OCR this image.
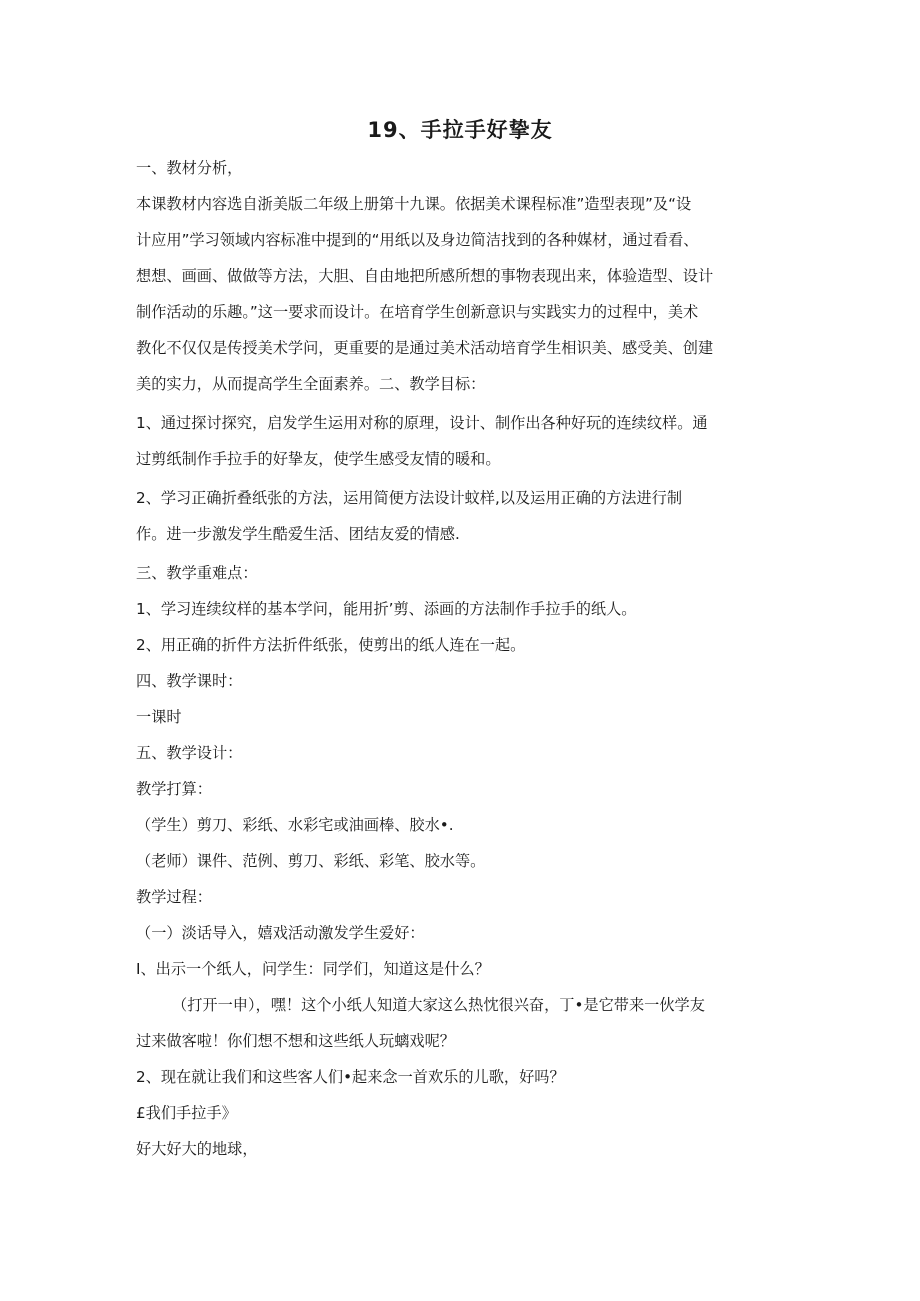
19、手拉手好挚友

一、教材分析，

本课教材内容选自浙美版二年级上册第十九课。依据美术课程标准”造型表现”及“设

计应用”学习领域内容标准中提到的“用纸以及身边简洁找到的各种媒材，通过看看、

想想、画画、做做等方法，大胆、自由地把所感所想的事物表现出来，体验造型、设计

制作活动的乐趣。”这一要求而设计。在培育学生创新意识与实践实力的过程中，美术

教化不仅仅是传授美术学问，更重要的是通过美术活动培育学生相识美、感受美、创建

美的实力，从而提高学生全面素养。二、教学目标：

1、通过探讨探究，启发学生运用对称的原理，设计、制作出各种好玩的连续纹样。通

过剪纸制作手拉手的好挚友，使学生感受友情的暖和。

2、学习正确折叠纸张的方法，运用简便方法设计蚊样,以及运用正确的方法进行制

作。进一步激发学生酷爱生活、团结友爱的情感.

三、教学重难点：

1、学习连续纹样的基本学问，能用折’剪、添画的方法制作手拉手的纸人。

2、用正确的折件方法折件纸张，使剪出的纸人连在一起。

四、教学课时：

一课时

五、教学设计：

教学打算：

（学生）剪刀、彩纸、水彩宅或油画棒、胶水•.

（老师）课件、范例、剪刀、彩纸、彩笔、胶水等。

教学过程：

（一）淡话导入，嬉戏活动激发学生爱好：

I、出示一个纸人，问学生：同学们，知道这是什么？

（打开一申），嘿！这个小纸人知道大家这么热忱很兴奋，丁•是它带来一伙学友

过来做客啦！你们想不想和这些纸人玩螭戏呢？

2、现在就让我们和这些客人们•起来念一首欢乐的儿歌，好吗？

£我们手拉手》

好大好大的地球，
